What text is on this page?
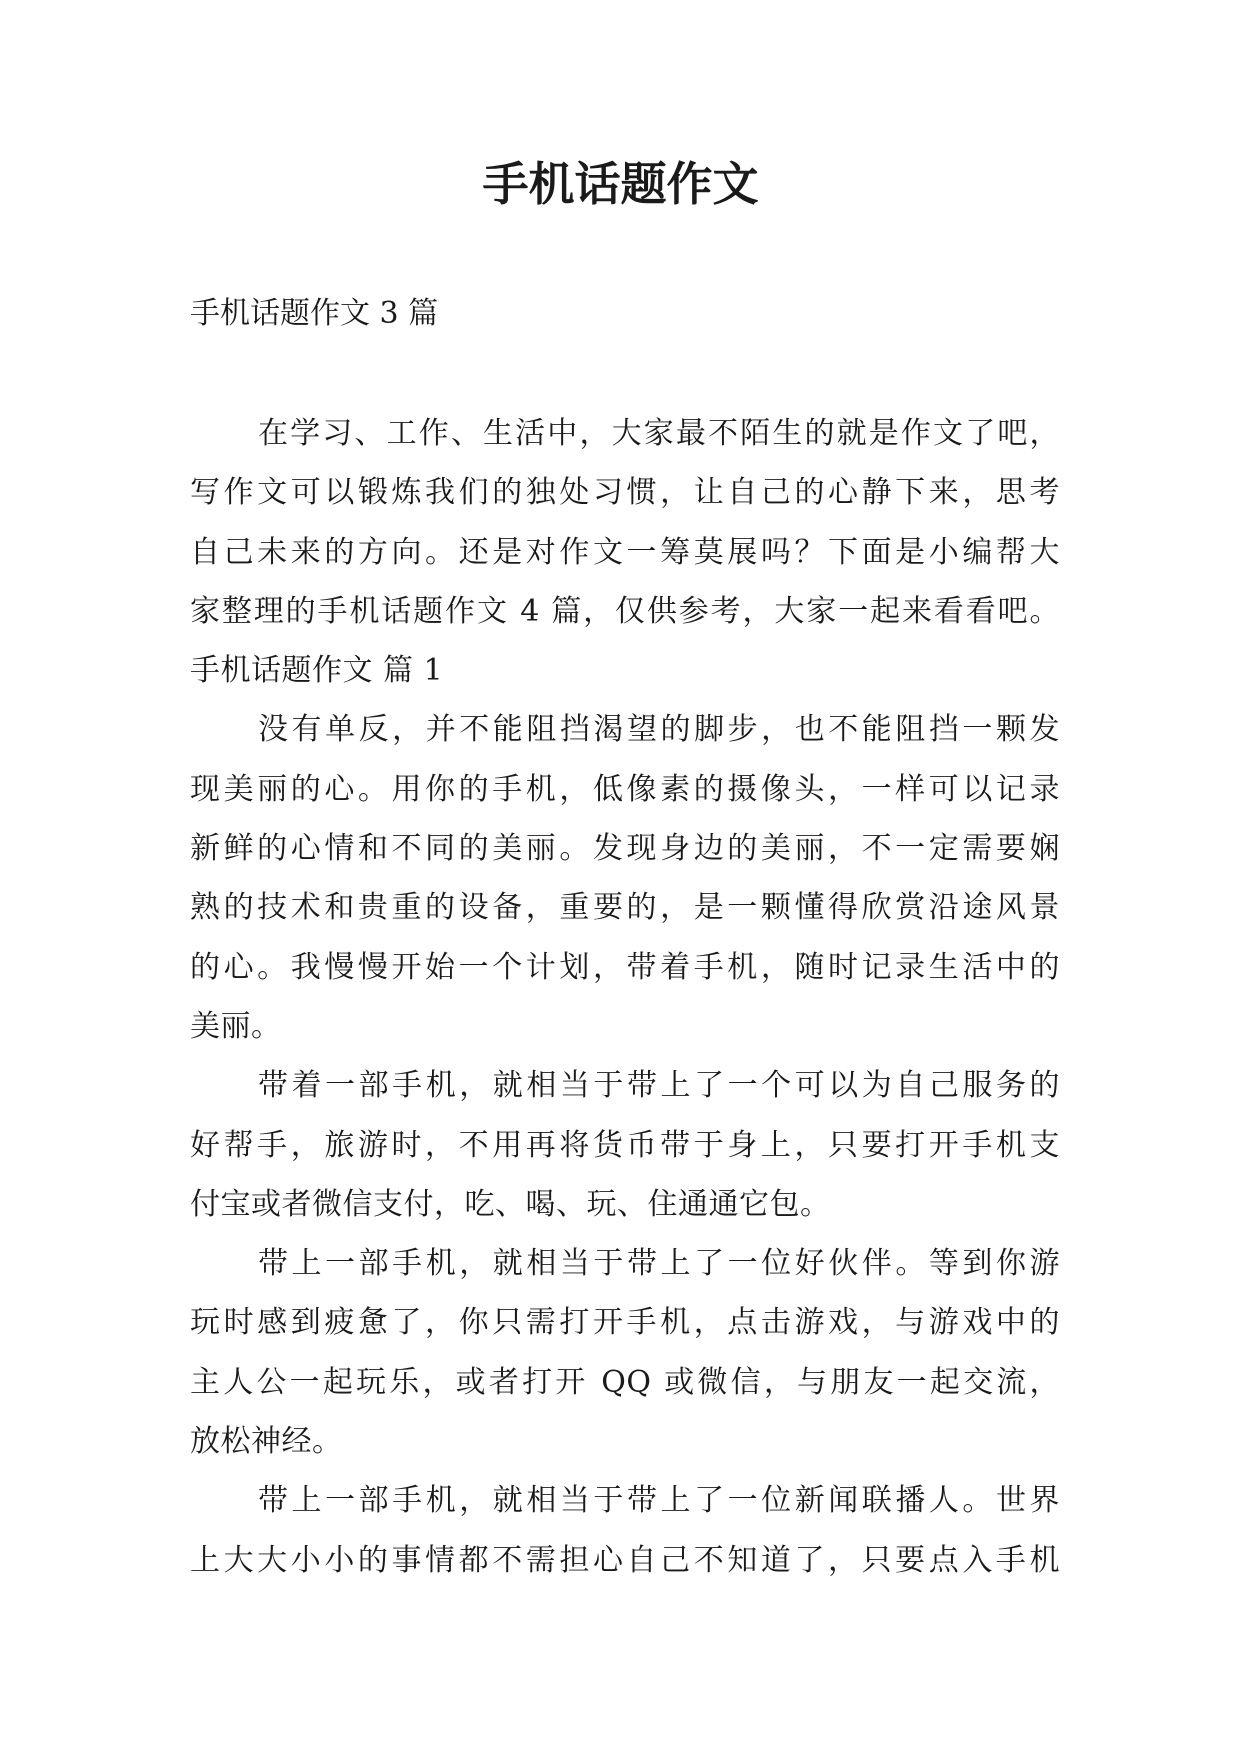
手机话题作文

手机话题作文 3 篇

在学习、工作、生活中，大家最不陌生的就是作文了吧，
写作文可以锻炼我们的独处习惯，让自己的心静下来，思考
自己未来的方向。还是对作文一筹莫展吗？下面是小编帮大
家整理的手机话题作文 4 篇，仅供参考，大家一起来看看吧。
手机话题作文 篇 1
没有单反，并不能阻挡渴望的脚步，也不能阻挡一颗发
现美丽的心。用你的手机，低像素的摄像头，一样可以记录
新鲜的心情和不同的美丽。发现身边的美丽，不一定需要娴
熟的技术和贵重的设备，重要的，是一颗懂得欣赏沿途风景
的心。我慢慢开始一个计划，带着手机，随时记录生活中的
美丽。
带着一部手机，就相当于带上了一个可以为自己服务的
好帮手，旅游时，不用再将货币带于身上，只要打开手机支
付宝或者微信支付，吃、喝、玩、住通通它包。
带上一部手机，就相当于带上了一位好伙伴。等到你游
玩时感到疲惫了，你只需打开手机，点击游戏，与游戏中的
主人公一起玩乐，或者打开 QQ 或微信，与朋友一起交流，
放松神经。
带上一部手机，就相当于带上了一位新闻联播人。世界
上大大小小的事情都不需担心自己不知道了，只要点入手机
